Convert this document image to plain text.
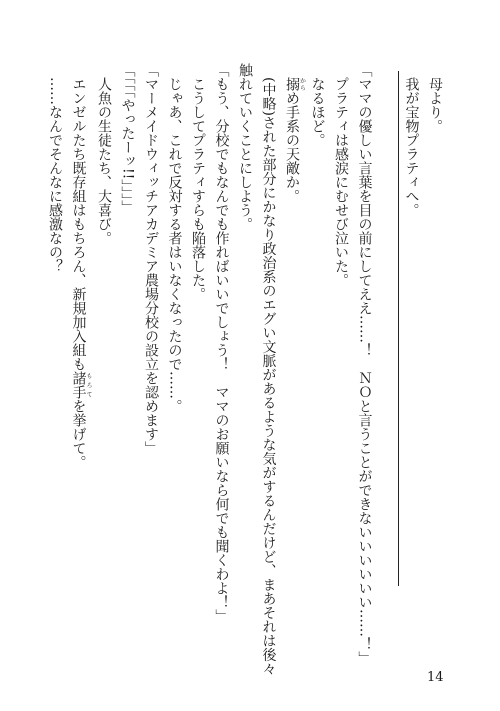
母より。
我が宝物プラティへ。
「ママの優しい言葉を目の前にしてええ……！　ＮＯと言うことができないいいいいい……！」
プラティは感涙にむせび泣いた。
なるほど。
搦からめ手系の天敵か。
(中略)された部分にかなり政治系のエグい文脈があるような気がするんだけど、まあそれは後々
触れていくことにしよう。
「もう、分校でもなんでも作ればいいでしょう！　ママのお願いなら何でも聞くわよ！」
こうしてプラティすらも陥落した。
じゃあ、これで反対する者はいなくなったので……。
「マーメイドウィッチアカデミア農場分校の設立を認めます」
「「「「やったーッ!!」」」」
人魚の生徒たち、大喜び。
エンゼルたち既存組はもちろん、新規加入組も諸手もろてを挙げて。
……なんでそんなに感激なの？
14
